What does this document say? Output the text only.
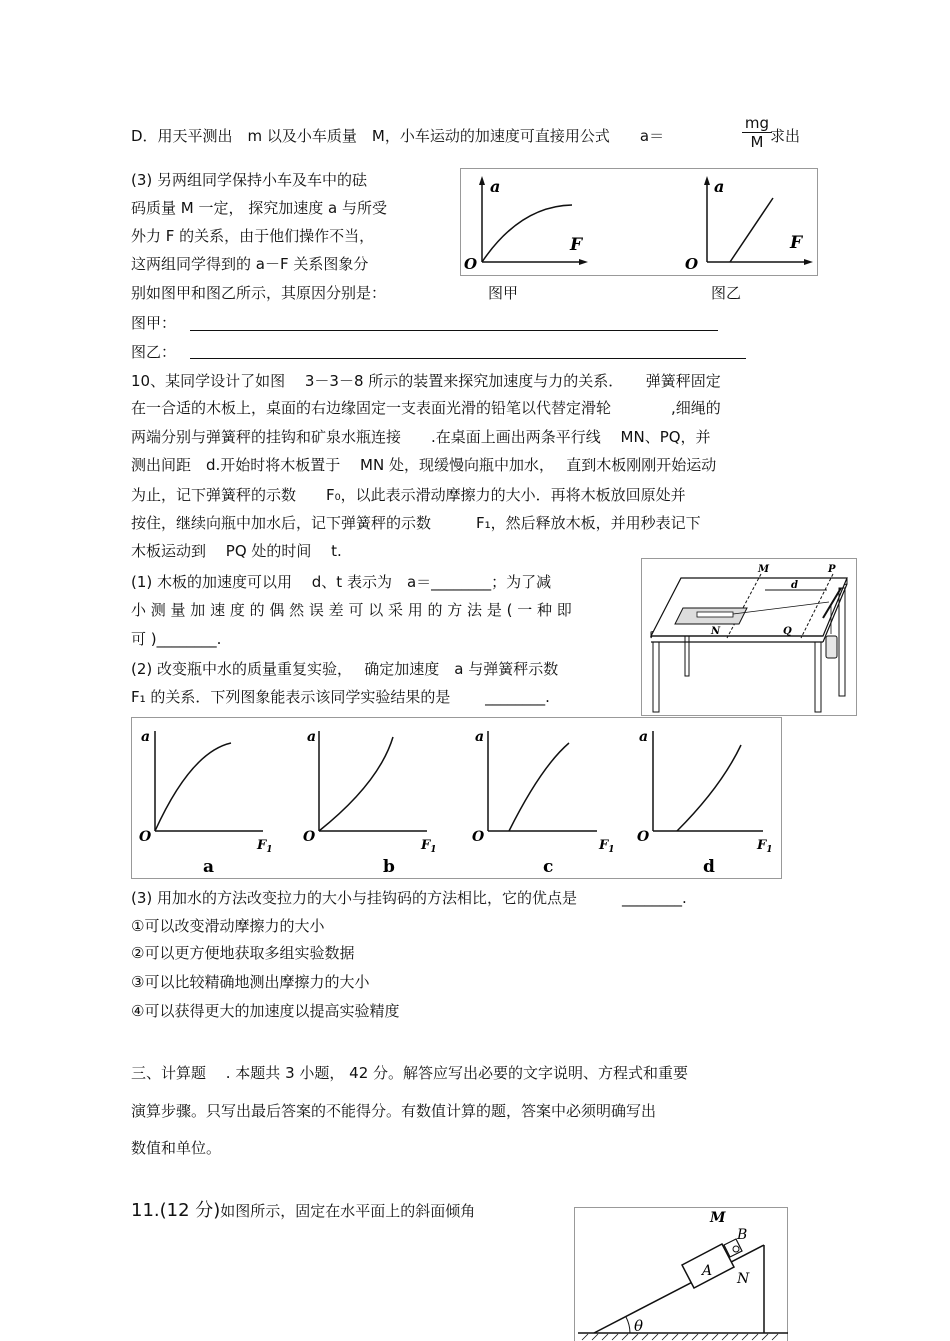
D．用天平测出　m 以及小车质量　M，小车运动的加速度可直接用公式　　a＝	$\frac{mg}{M}$
求出
(3) 另两组同学保持小车及车中的砝
码质量 M 一定， 探究加速度 a 与所受
外力 F 的关系，由于他们操作不当，
这两组同学得到的 a－F 关系图象分
别如图甲和图乙所示，其原因分别是：
a
F
O
a
F
O
图甲	图乙
图甲：
图乙：
10、某同学设计了如图　 3－3－8 所示的装置来探究加速度与力的关系．　　弹簧秤固定
在一合适的木板上，桌面的右边缘固定一支表面光滑的铅笔以代替定滑轮　　　　,细绳的
两端分别与弹簧秤的挂钩和矿泉水瓶连接　　.在桌面上画出两条平行线　 MN、PQ，并
测出间距　d.开始时将木板置于　 MN 处，现缓慢向瓶中加水，　 直到木板刚刚开始运动
为止，记下弹簧秤的示数　　F₀，以此表示滑动摩擦力的大小．再将木板放回原处并
按住，继续向瓶中加水后，记下弹簧秤的示数　　　F₁，然后释放木板，并用秒表记下
木板运动到　 PQ 处的时间　 t.
(1) 木板的加速度可以用　 d、t 表示为　a＝________；为了减
小 测 量 加 速 度 的 偶 然 误 差 可 以 采 用 的 方 法 是 ( 一 种 即
可 )________.
(2) 改变瓶中水的质量重复实验，　 确定加速度　a 与弹簧秤示数
F₁ 的关系．下列图象能表示该同学实验结果的是　　 ________.
M	P
d
N	Q
a
O
$F_1$
a
a
O
$F_1$
b
a
O
$F_1$
c
a
O
$F_1$
d
(3) 用加水的方法改变拉力的大小与挂钩码的方法相比，它的优点是　　　________.
①可以改变滑动摩擦力的大小
②可以更方便地获取多组实验数据
③可以比较精确地测出摩擦力的大小
④可以获得更大的加速度以提高实验精度
三、计算题　 . 本题共 3 小题， 42 分。解答应写出必要的文字说明、方程式和重要
演算步骤。只写出最后答案的不能得分。有数值计算的题，答案中必须明确写出
数值和单位。
11.(12 分)如图所示，固定在水平面上的斜面倾角	M
B
A N
θ
